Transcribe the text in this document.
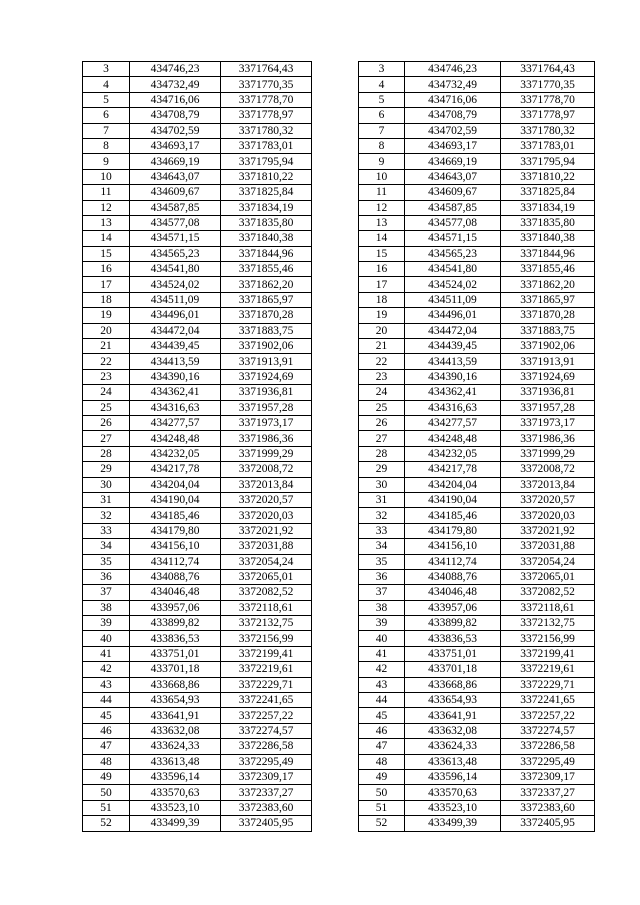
3	434746,23	3371764,43
4	434732,49	3371770,35
5	434716,06	3371778,70
6	434708,79	3371778,97
7	434702,59	3371780,32
8	434693,17	3371783,01
9	434669,19	3371795,94
10	434643,07	3371810,22
11	434609,67	3371825,84
12	434587,85	3371834,19
13	434577,08	3371835,80
14	434571,15	3371840,38
15	434565,23	3371844,96
16	434541,80	3371855,46
17	434524,02	3371862,20
18	434511,09	3371865,97
19	434496,01	3371870,28
20	434472,04	3371883,75
21	434439,45	3371902,06
22	434413,59	3371913,91
23	434390,16	3371924,69
24	434362,41	3371936,81
25	434316,63	3371957,28
26	434277,57	3371973,17
27	434248,48	3371986,36
28	434232,05	3371999,29
29	434217,78	3372008,72
30	434204,04	3372013,84
31	434190,04	3372020,57
32	434185,46	3372020,03
33	434179,80	3372021,92
34	434156,10	3372031,88
35	434112,74	3372054,24
36	434088,76	3372065,01
37	434046,48	3372082,52
38	433957,06	3372118,61
39	433899,82	3372132,75
40	433836,53	3372156,99
41	433751,01	3372199,41
42	433701,18	3372219,61
43	433668,86	3372229,71
44	433654,93	3372241,65
45	433641,91	3372257,22
46	433632,08	3372274,57
47	433624,33	3372286,58
48	433613,48	3372295,49
49	433596,14	3372309,17
50	433570,63	3372337,27
51	433523,10	3372383,60
52	433499,39	3372405,95
3	434746,23	3371764,43
4	434732,49	3371770,35
5	434716,06	3371778,70
6	434708,79	3371778,97
7	434702,59	3371780,32
8	434693,17	3371783,01
9	434669,19	3371795,94
10	434643,07	3371810,22
11	434609,67	3371825,84
12	434587,85	3371834,19
13	434577,08	3371835,80
14	434571,15	3371840,38
15	434565,23	3371844,96
16	434541,80	3371855,46
17	434524,02	3371862,20
18	434511,09	3371865,97
19	434496,01	3371870,28
20	434472,04	3371883,75
21	434439,45	3371902,06
22	434413,59	3371913,91
23	434390,16	3371924,69
24	434362,41	3371936,81
25	434316,63	3371957,28
26	434277,57	3371973,17
27	434248,48	3371986,36
28	434232,05	3371999,29
29	434217,78	3372008,72
30	434204,04	3372013,84
31	434190,04	3372020,57
32	434185,46	3372020,03
33	434179,80	3372021,92
34	434156,10	3372031,88
35	434112,74	3372054,24
36	434088,76	3372065,01
37	434046,48	3372082,52
38	433957,06	3372118,61
39	433899,82	3372132,75
40	433836,53	3372156,99
41	433751,01	3372199,41
42	433701,18	3372219,61
43	433668,86	3372229,71
44	433654,93	3372241,65
45	433641,91	3372257,22
46	433632,08	3372274,57
47	433624,33	3372286,58
48	433613,48	3372295,49
49	433596,14	3372309,17
50	433570,63	3372337,27
51	433523,10	3372383,60
52	433499,39	3372405,95
